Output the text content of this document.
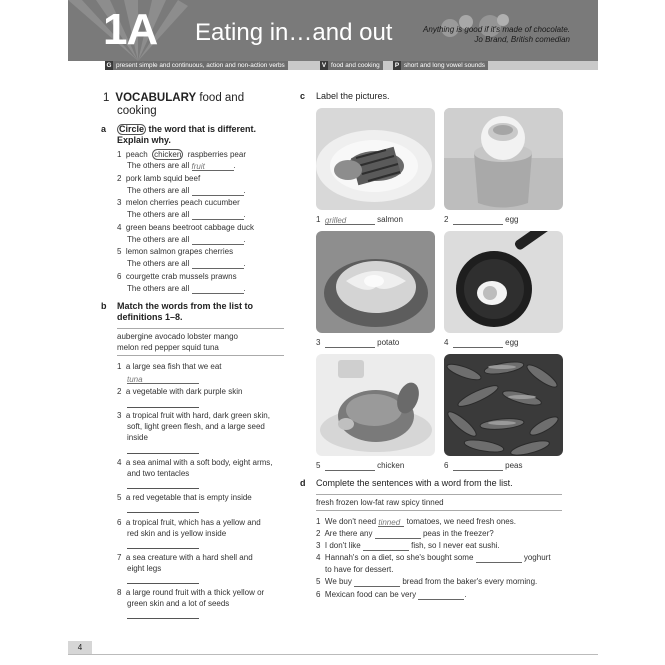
1A Eating in…and out	Anything is good if it's made of chocolate.
Jo Brand, British comedian
G present simple and continuous, action and non-action verbs	V food and cooking	P short and long vowel sounds
1 VOCABULARY food and
cooking
a Circle the word that is different.
Explain why.
1 peach chicken raspberries pear
The others are all fruit	.
2 pork lamb squid beef
The others are all	.
3 melon cherries peach cucumber
The others are all	.
4 green beans beetroot cabbage duck
The others are all	.
5 lemon salmon grapes cherries
The others are all	.
6 courgette crab mussels prawns
The others are all	.
b Match the words from the list to
definitions 1–8.
aubergine avocado lobster mango
melon red pepper squid tuna
1 a large sea fish that we eat
tuna
2 a vegetable with dark purple skin
3 a tropical fruit with hard, dark green skin,
soft, light green flesh, and a large seed
inside
4 a sea animal with a soft body, eight arms,
and two tentacles
5 a red vegetable that is empty inside
6 a tropical fruit, which has a yellow and
red skin and is yellow inside
7 a sea creature with a hard shell and
eight legs
8 a large round fruit with a thick yellow or
green skin and a lot of seeds
c Label the pictures.
1 grilled	salmon	2	egg
3	potato	4	egg
5	chicken	6	peas
d Complete the sentences with a word from the list.
fresh frozen low-fat raw spicy tinned
1 We don't need tinned tomatoes, we need fresh ones.
2 Are there any	peas in the freezer?
3 I don't like	fish, so I never eat sushi.
4 Hannah's on a diet, so she's bought some	yoghurt
to have for dessert.
5 We buy	bread from the baker's every morning.
6 Mexican food can be very	.
4
